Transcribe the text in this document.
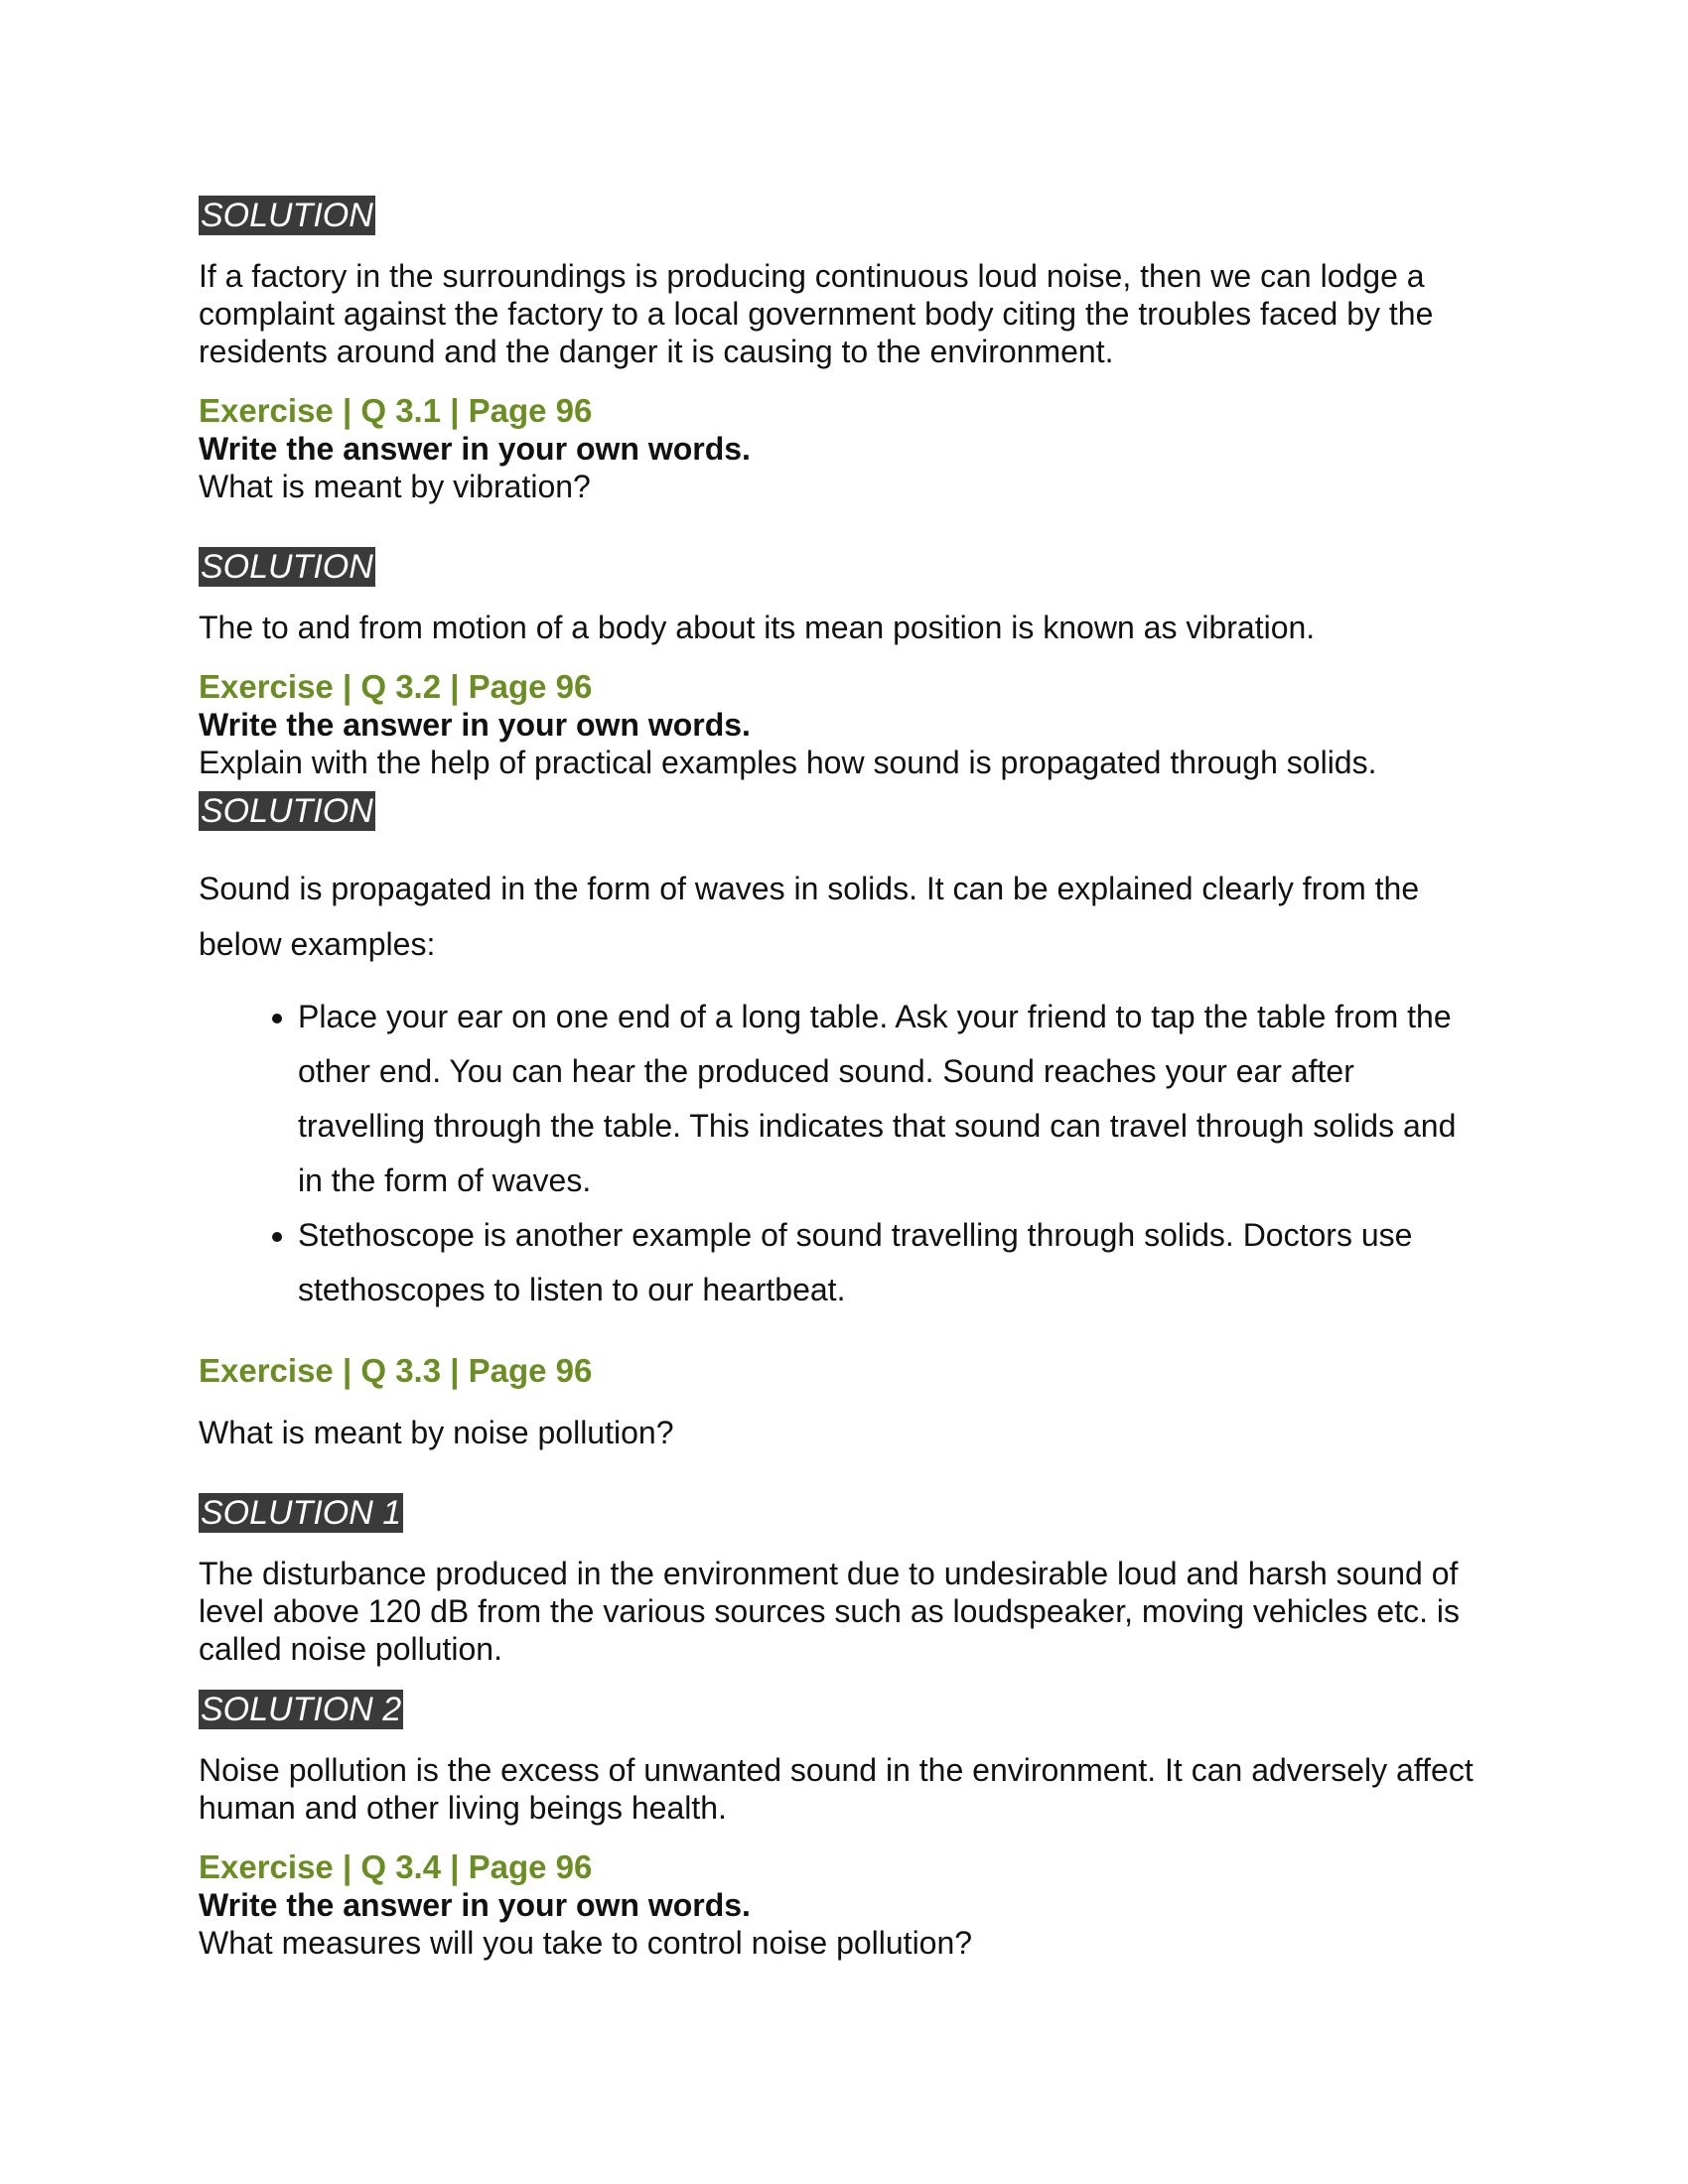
SOLUTION

If a factory in the surroundings is producing continuous loud noise, then we can lodge a complaint against the factory to a local government body citing the troubles faced by the residents around and the danger it is causing to the environment.

Exercise | Q 3.1 | Page 96

Write the answer in your own words.

What is meant by vibration?

SOLUTION

The to and from motion of a body about its mean position is known as vibration.

Exercise | Q 3.2 | Page 96

Write the answer in your own words.

Explain with the help of practical examples how sound is propagated through solids.

SOLUTION

Sound is propagated in the form of waves in solids. It can be explained clearly from the below examples:

• Place your ear on one end of a long table. Ask your friend to tap the table from the other end. You can hear the produced sound. Sound reaches your ear after travelling through the table. This indicates that sound can travel through solids and in the form of waves.
• Stethoscope is another example of sound travelling through solids. Doctors use stethoscopes to listen to our heartbeat.

Exercise | Q 3.3 | Page 96

What is meant by noise pollution?

SOLUTION 1

The disturbance produced in the environment due to undesirable loud and harsh sound of level above 120 dB from the various sources such as loudspeaker, moving vehicles etc. is called noise pollution.

SOLUTION 2

Noise pollution is the excess of unwanted sound in the environment. It can adversely affect human and other living beings health.

Exercise | Q 3.4 | Page 96

Write the answer in your own words.

What measures will you take to control noise pollution?
